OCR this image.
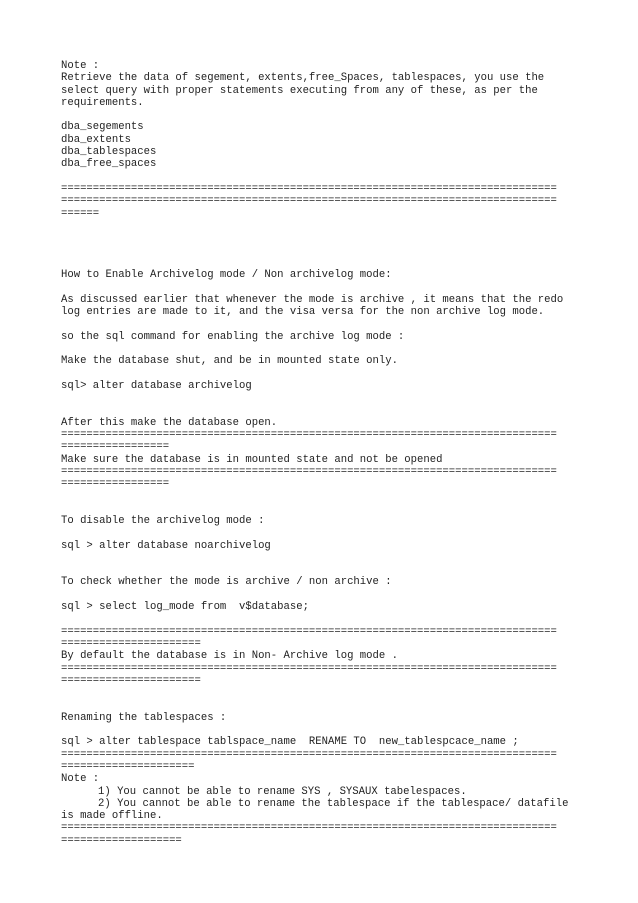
Note :
Retrieve the data of segement, extents,free_Spaces, tablespaces, you use the
select query with proper statements executing from any of these, as per the
requirements.
dba_segements
dba_extents
dba_tablespaces
dba_free_spaces
==============================================================================
==============================================================================
======
How to Enable Archivelog mode / Non archivelog mode:
As discussed earlier that whenever the mode is archive , it means that the redo
log entries are made to it, and the visa versa for the non archive log mode.
so the sql command for enabling the archive log mode :
Make the database shut, and be in mounted state only.
sql> alter database archivelog
After this make the database open.
==============================================================================
=================
Make sure the database is in mounted state and not be opened
==============================================================================
=================
To disable the archivelog mode :
sql > alter database noarchivelog
To check whether the mode is archive / non archive :
sql > select log_mode from  v$database;
==============================================================================
======================
By default the database is in Non- Archive log mode .
==============================================================================
======================
Renaming the tablespaces :
sql > alter tablespace tablspace_name  RENAME TO  new_tablespcace_name ;
==============================================================================
=====================
Note :
1) You cannot be able to rename SYS , SYSAUX tabelespaces.
2) You cannot be able to rename the tablespace if the tablespace/ datafile
is made offline.
==============================================================================
===================
